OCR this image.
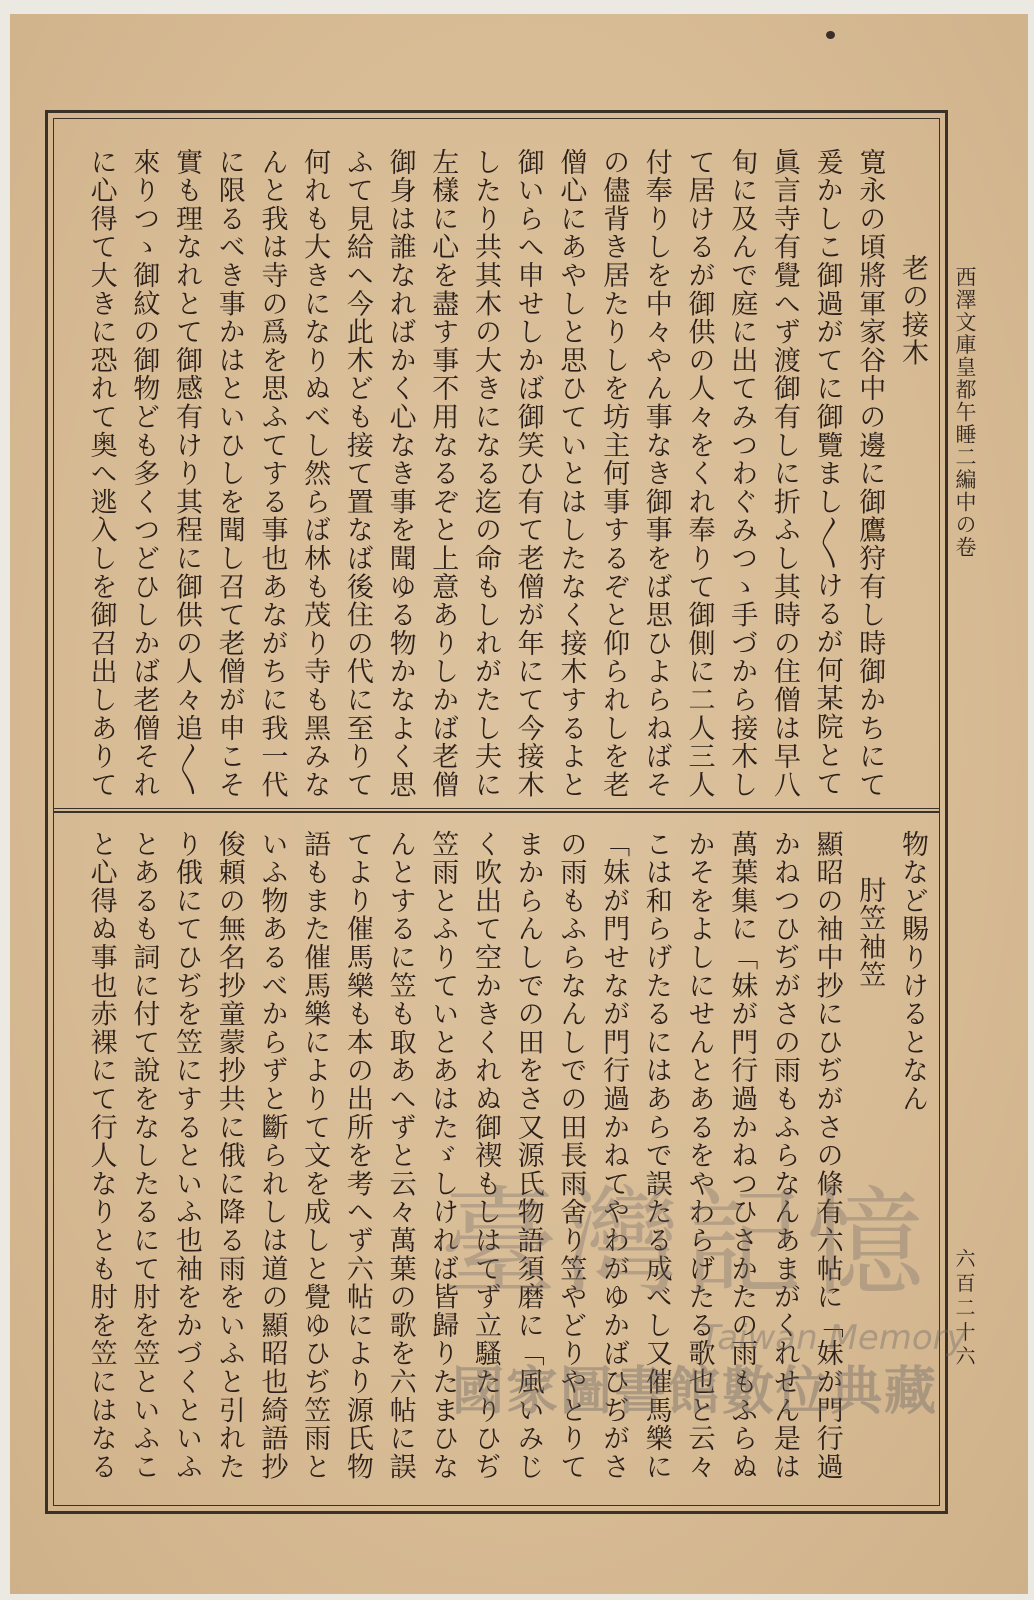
西澤文庫皇都午睡二編中の卷
老の接木
寛永の頃將軍家谷中の邊に御鷹狩有し時御かちにて
爰かしこ御過がてに御覽まし〳〵けるが何某院とて
眞言寺有覺へず渡御有しに折ふし其時の住僧は早八
旬に及んで庭に出てみつわぐみつゝ手づから接木し
て居けるが御供の人々をくれ奉りて御側に二人三人
付奉りしを中々やん事なき御事をば思ひよらねばそ
の儘背き居たりしを坊主何事するぞと仰られしを老
僧心にあやしと思ひていとはしたなく接木するよと
御いらへ申せしかば御笑ひ有て老僧が年にて今接木
したり共其木の大きになる迄の命もしれがたし夫に
左樣に心を盡す事不用なるぞと上意ありしかば老僧
御身は誰なればかく心なき事を聞ゆる物かなよく思
ふて見給へ今此木ども接て置なば後住の代に至りて
何れも大きになりぬべし然らば林も茂り寺も黑みな
んと我は寺の爲を思ふてする事也あながちに我一代
に限るべき事かはといひしを聞し召て老僧が申こそ
實も理なれとて御感有けり其程に御供の人々追〳〵
來りつゝ御紋の御物ども多くつどひしかば老僧それ
に心得て大きに恐れて奥へ逃入しを御召出しありて
物など賜りけるとなん
肘笠袖笠
顯昭の袖中抄にひぢがさの條有六帖に「妹が門行過
かねつひぢがさの雨もふらなんあまがくれせん是は
萬葉集に「妹が門行過かねつひさかたの雨もふらぬ
かそをよしにせんとあるをやわらげたる歌也と云々
こは和らげたるにはあらで誤たる成べし又催馬樂に
「妹が門せなが門行過かねてやわがゆかばひぢがさ
の雨もふらなんしでの田長雨舍り笠やどりやとりて
まからんしでの田をさ又源氏物語須磨に「風いみじ
く吹出て空かきくれぬ御禊もしはてず立騷たりひぢ
笠雨とふりていとあはたゞしければ皆歸りたまひな
んとするに笠も取あへずと云々萬葉の歌を六帖に誤
てより催馬樂も本の出所を考へず六帖により源氏物
語もまた催馬樂によりて文を成しと覺ゆひぢ笠雨と
いふ物あるべからずと斷られしは道の顯昭也綺語抄
俊頼の無名抄童蒙抄共に俄に降る雨をいふと引れた
り俄にてひぢを笠にするといふ也袖をかづくといふ
とあるも詞に付て說をなしたるにて肘を笠といふこ
と心得ぬ事也赤裸にて行人なりとも肘を笠にはなる	六百二十六
臺灣記憶
Taiwan Memory
國家圖書館數位典藏
